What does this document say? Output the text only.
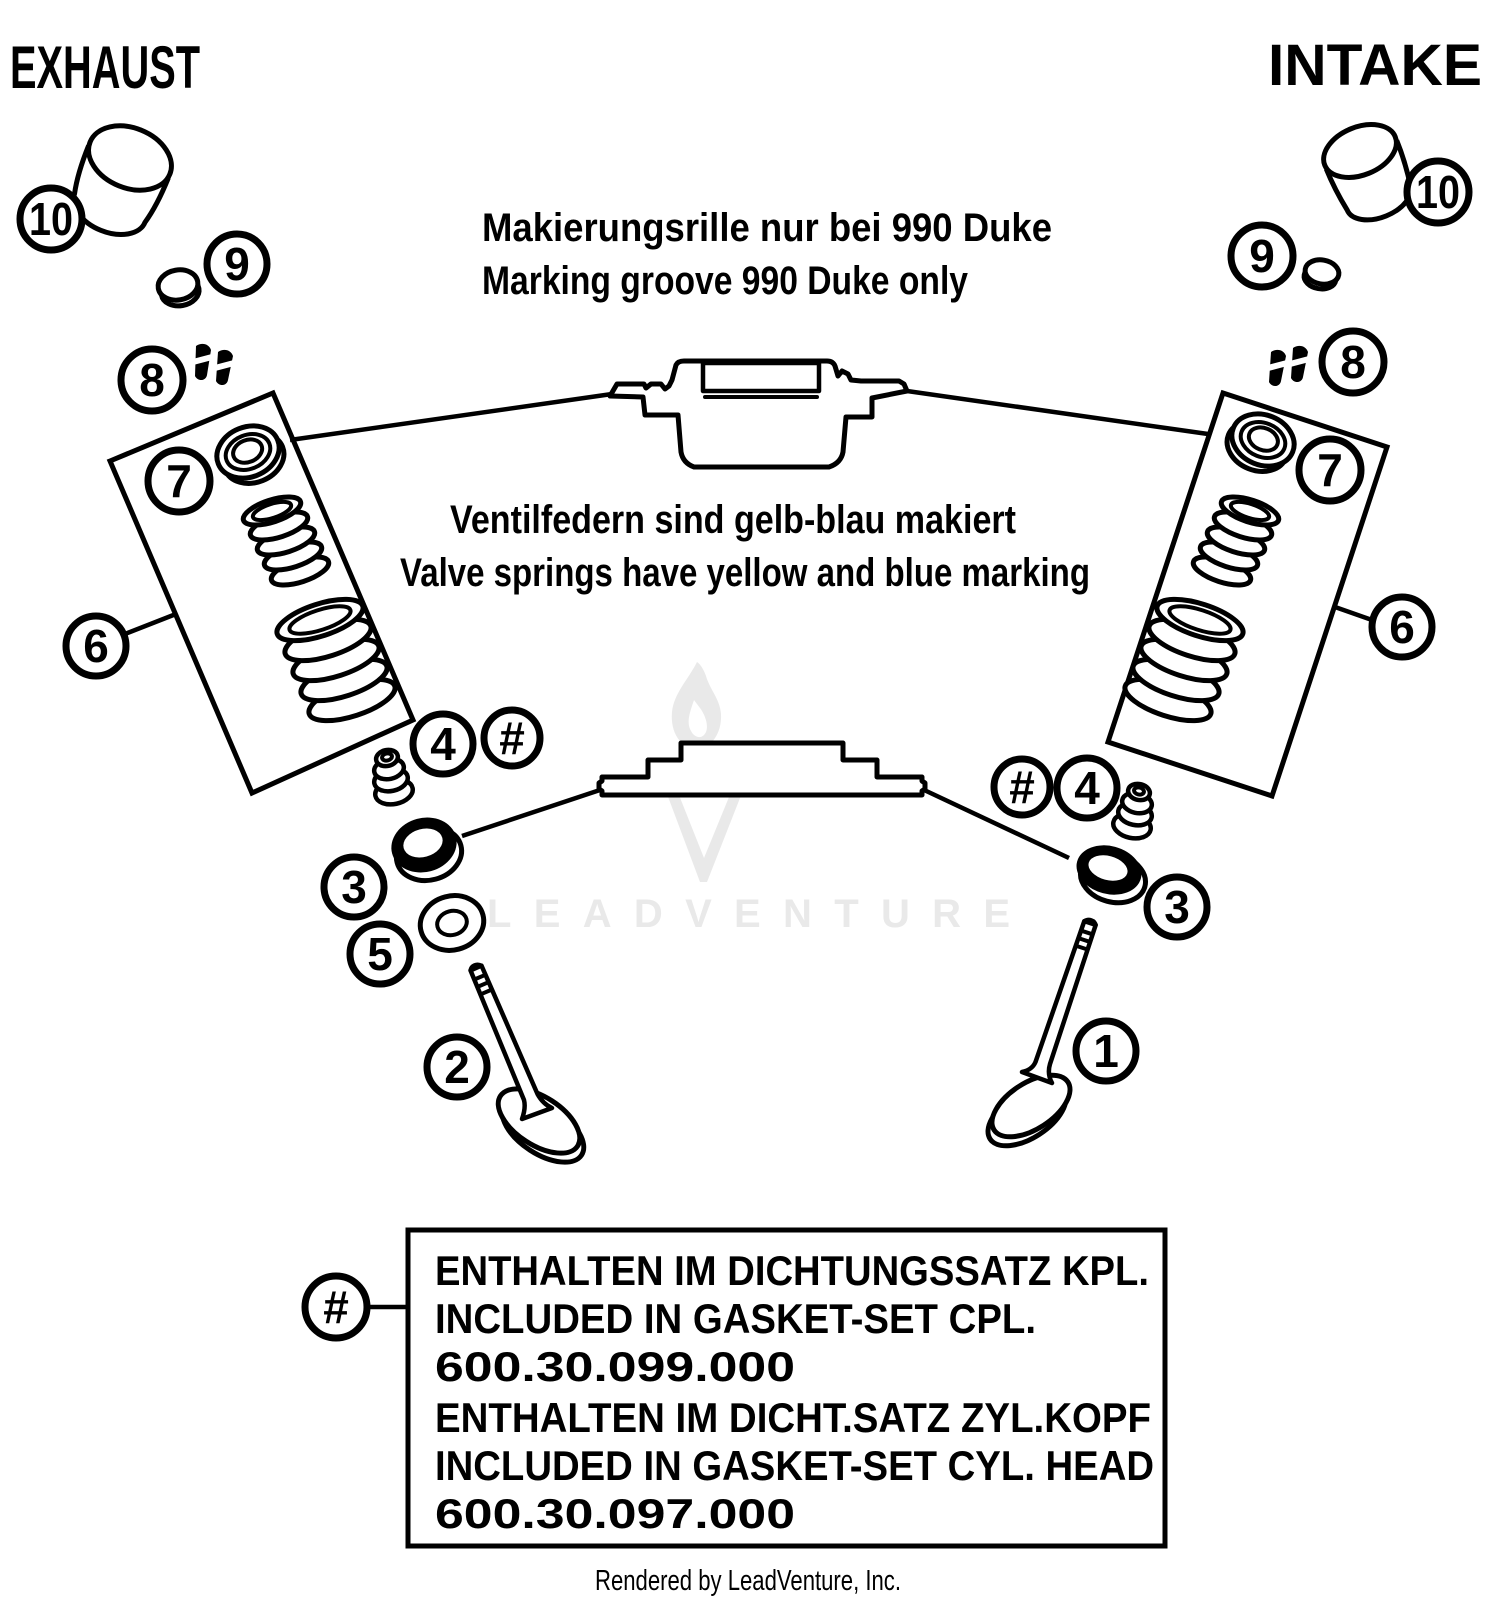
LEADVENTURE
ENTHALTEN IM DICHTUNGSSATZ KPL.
INCLUDED IN GASKET-SET CPL.
600.30.099.000
ENTHALTEN IM DICHT.SATZ ZYL.KOPF
INCLUDED IN GASKET-SET CYL. HEAD
600.30.097.000
EXHAUST	INTAKE
Makierungsrille nur bei 990 Duke
Marking groove 990 Duke only
Ventilfedern sind gelb-blau makiert
Valve springs have yellow and blue marking
Rendered by LeadVenture, Inc.
10
9
8
7
6
4 #
3
5
2
10
9
8
7
6
# 4
3
1
#
